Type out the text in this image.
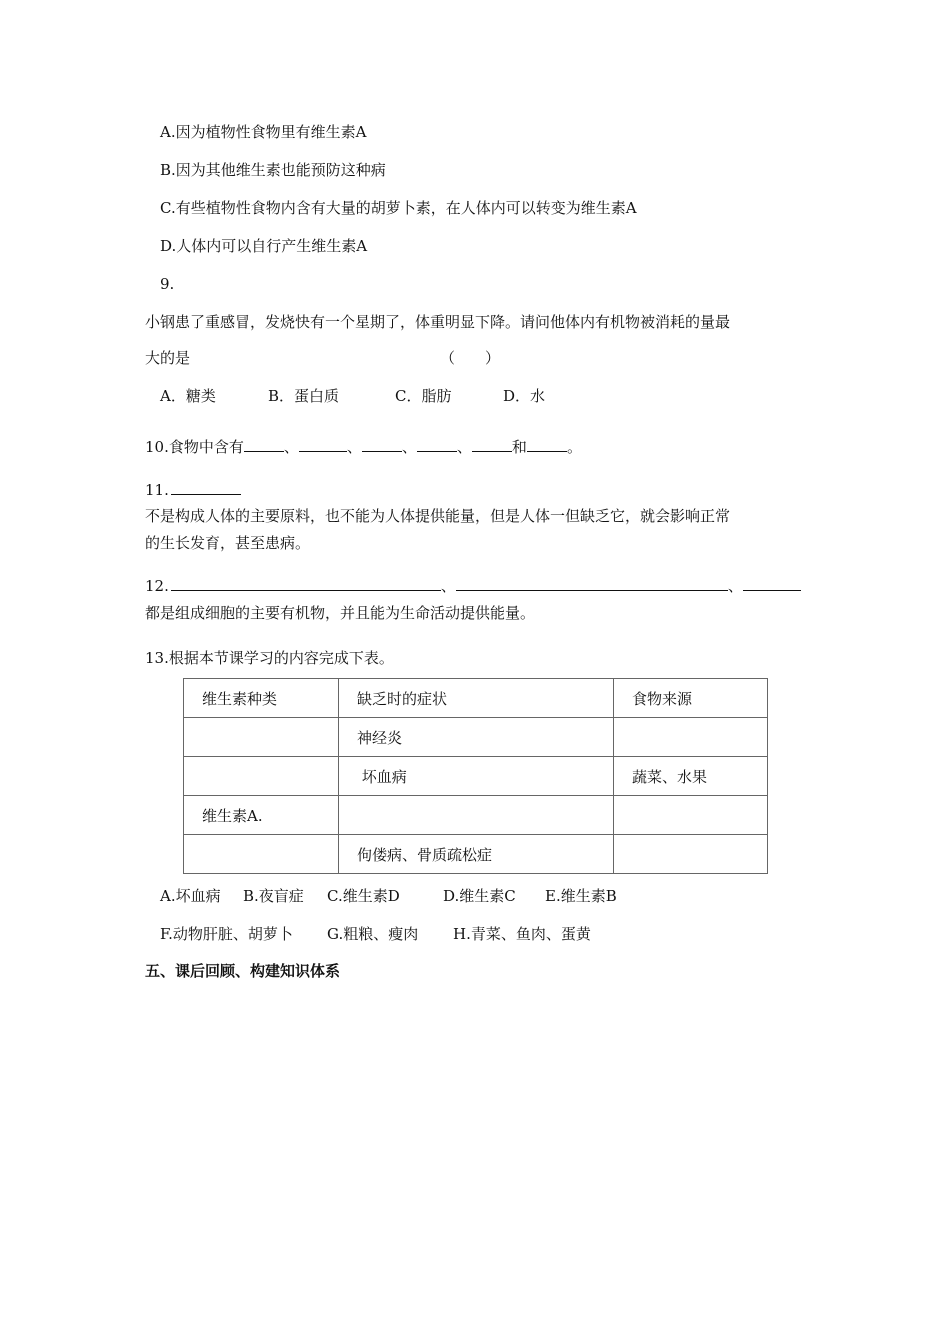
A.因为植物性食物里有维生素A
B.因为其他维生素也能预防这种病
C.有些植物性食物内含有大量的胡萝卜素，在人体内可以转变为维生素A
D.人体内可以自行产生维生素A
9.
小钢患了重感冒，发烧快有一个星期了，体重明显下降。请问他体内有机物被消耗的量最
大的是	（　　）
A．糖类	B．蛋白质	C．脂肪	D．水
10.食物中含有	、	、	、	、	和	。
11.
不是构成人体的主要原料，也不能为人体提供能量，但是人体一但缺乏它，就会影响正常
的生长发育，甚至患病。
12.	、	、
都是组成细胞的主要有机物，并且能为生命活动提供能量。
13.根据本节课学习的内容完成下表。
维生素种类	缺乏时的症状	食物来源
	神经炎	
	坏血病	蔬菜、水果
维生素A.		
	佝偻病、骨质疏松症	
A.坏血病 B.夜盲症 C.维生素D	D.维生素C E.维生素B
F.动物肝脏、胡萝卜 G.粗粮、瘦肉 H.青菜、鱼肉、蛋黄
五、课后回顾、构建知识体系
